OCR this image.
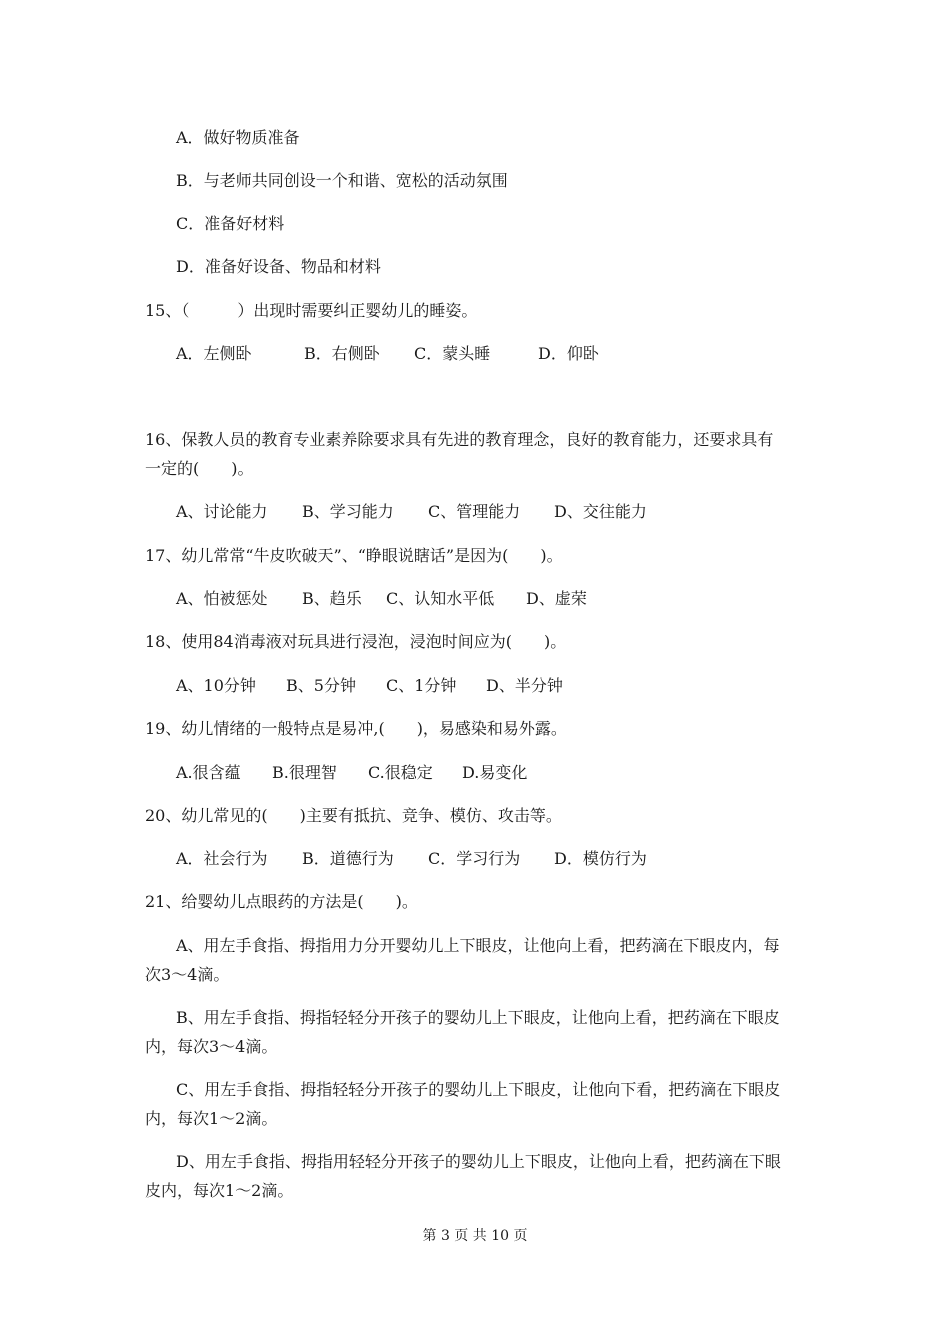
A．做好物质准备

B．与老师共同创设一个和谐、宽松的活动氛围

C．准备好材料

D．准备好设备、物品和材料

15、（　　　）出现时需要纠正婴幼儿的睡姿。

A．左侧卧

	B．右侧卧

C．蒙头睡

	D．仰卧

16、保教人员的教育专业素养除要求具有先进的教育理念，良好的教育能力，还要求具有

一定的(　　)。

A、讨论能力

B、学习能力

C、管理能力

D、交往能力

17、幼儿常常“牛皮吹破天”、“睁眼说瞎话”是因为(　　)。

A、怕被惩处

B、趋乐

C、认知水平低

D、虚荣

18、使用84消毒液对玩具进行浸泡，浸泡时间应为(　　)。

A、10分钟

B、5分钟

C、1分钟

D、半分钟

19、幼儿情绪的一般特点是易冲,(　　)，易感染和易外露。

A.很含蕴

B.很理智

C.很稳定

D.易变化

20、幼儿常见的(　　)主要有抵抗、竞争、模仿、攻击等。

A．社会行为

B．道德行为

C．学习行为

D．模仿行为

21、给婴幼儿点眼药的方法是(　　)。

A、用左手食指、拇指用力分开婴幼儿上下眼皮，让他向上看，把药滴在下眼皮内，每

次3～4滴。

B、用左手食指、拇指轻轻分开孩子的婴幼儿上下眼皮，让他向上看，把药滴在下眼皮

内，每次3～4滴。

C、用左手食指、拇指轻轻分开孩子的婴幼儿上下眼皮，让他向下看，把药滴在下眼皮

内，每次1～2滴。

D、用左手食指、拇指用轻轻分开孩子的婴幼儿上下眼皮，让他向上看，把药滴在下眼

皮内，每次1～2滴。

第 3 页 共 10 页
